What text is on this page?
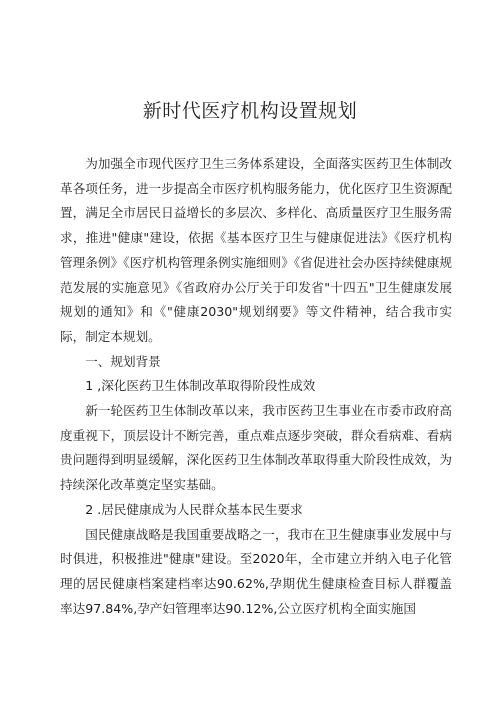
新时代医疗机构设置规划

为加强全市现代医疗卫生三务体系建设，全面落实医药卫生体制改革各项任务，进一步提高全市医疗机构服务能力，优化医疗卫生资源配置，满足全市居民日益增长的多层次、多样化、高质量医疗卫生服务需求，推进"健康"建设，依据《基本医疗卫生与健康促进法》《医疗机构管理条例》《医疗机构管理条例实施细则》《省促进社会办医持续健康规范发展的实施意见》《省政府办公厅关于印发省"十四五"卫生健康发展规划的通知》和《"健康2030"规划纲要》等文件精神，结合我市实际，制定本规划。

一、规划背景

1 ,深化医药卫生体制改革取得阶段性成效

新一轮医药卫生体制改革以来，我市医药卫生事业在市委市政府高度重视下，顶层设计不断完善，重点难点逐步突破，群众看病难、看病贵问题得到明显缓解，深化医药卫生体制改革取得重大阶段性成效，为持续深化改革奠定坚实基础。

2 .居民健康成为人民群众基本民生要求

国民健康战略是我国重要战略之一，我市在卫生健康事业发展中与时俱进，积极推进"健康"建设。至2020年，全市建立并纳入电子化管理的居民健康档案建档率达90.62%,孕期优生健康检查目标人群覆盖率达97.84%,孕产妇管理率达90.12%,公立医疗机构全面实施国
